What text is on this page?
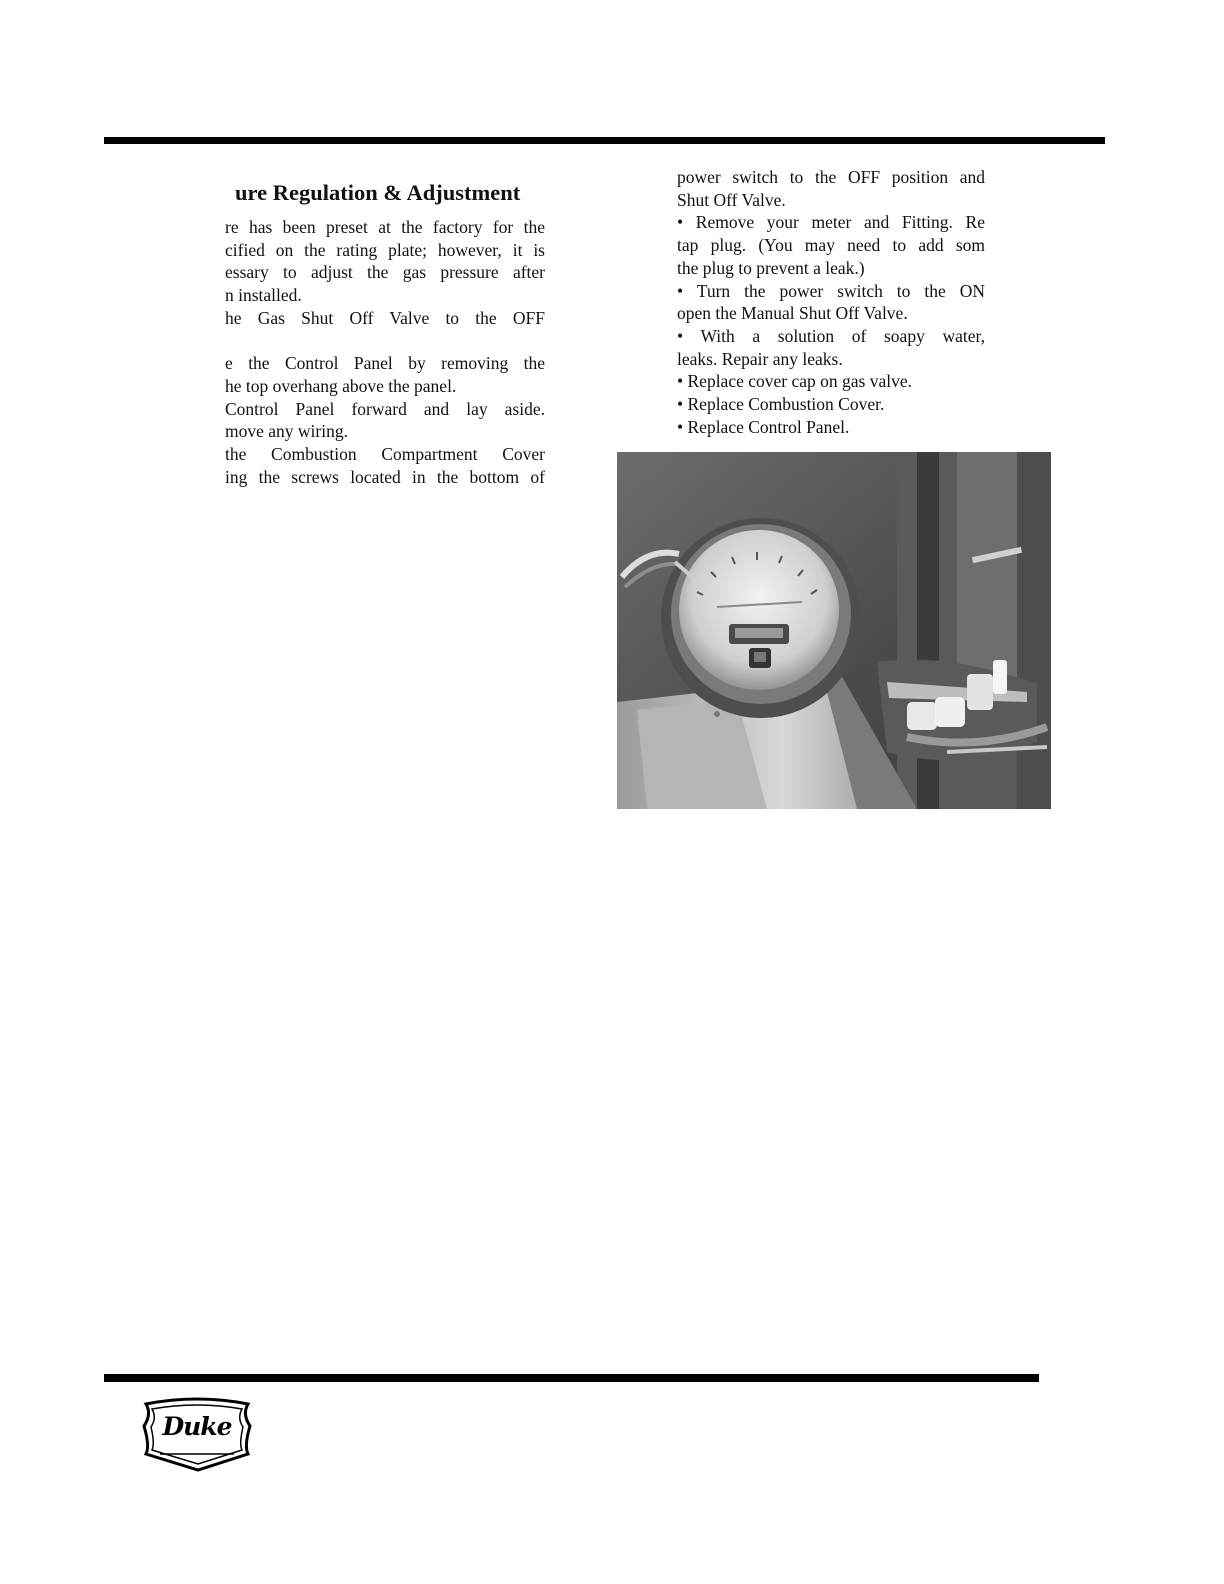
ure Regulation & Adjustment
re has been preset at the factory for the
cified on the rating plate; however, it is
essary to adjust the gas pressure after
n installed.
he Gas Shut Off Valve to the OFF
e the Control Panel by removing the
he top overhang above the panel.
Control Panel forward and lay aside.
move any wiring.
the Combustion Compartment Cover
ing the screws located in the bottom of
power switch to the OFF position and
Shut Off Valve.
• Remove your meter and Fitting. Re
tap plug. (You may need to add som
the plug to prevent a leak.)
• Turn the power switch to the ON
open the Manual Shut Off Valve.
• With a solution of soapy water,
leaks. Repair any leaks.
• Replace cover cap on gas valve.
• Replace Combustion Cover.
• Replace Control Panel.
Duke
